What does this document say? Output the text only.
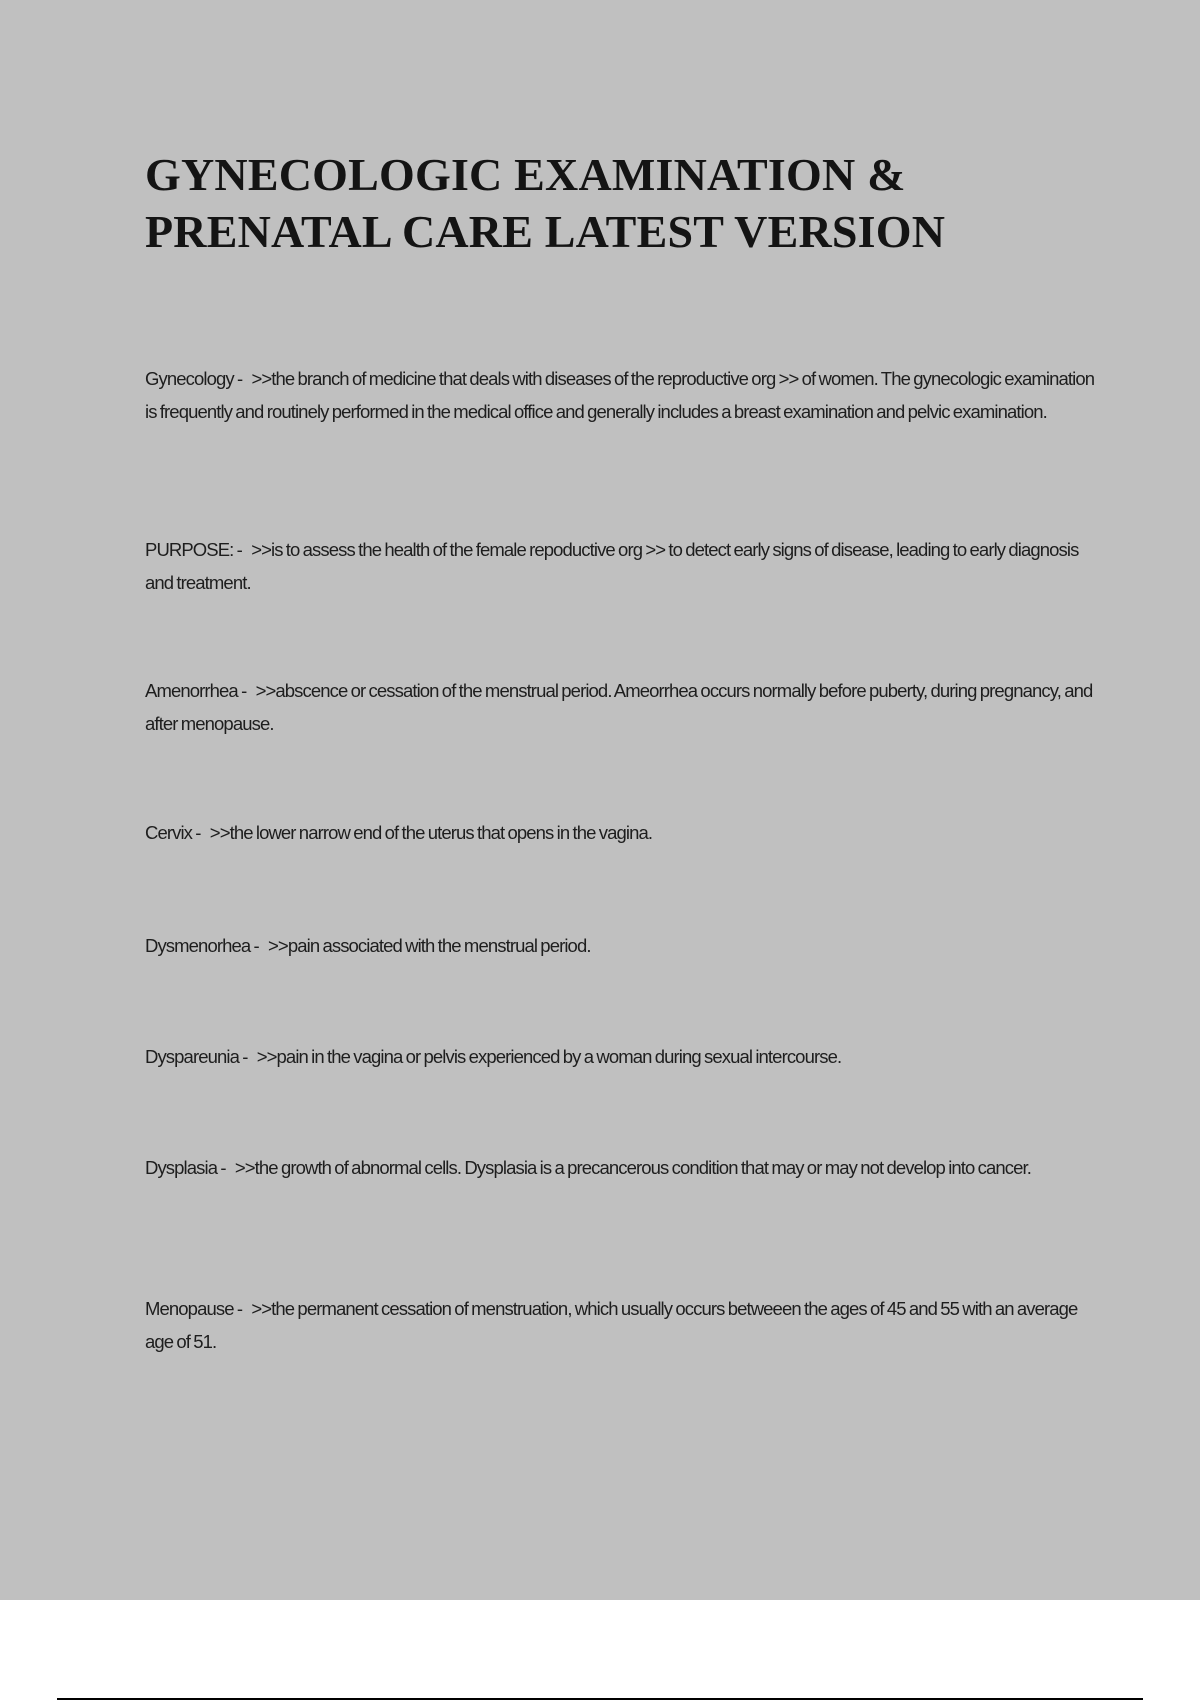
GYNECOLOGIC EXAMINATION & PRENATAL CARE LATEST VERSION

Gynecology - >>the branch of medicine that deals with diseases of the reproductive org >> of women. The gynecologic examination is frequently and routinely performed in the medical office and generally includes a breast examination and pelvic examination.

PURPOSE: - >>is to assess the health of the female repoductive org >> to detect early signs of disease, leading to early diagnosis and treatment.

Amenorrhea - >>abscence or cessation of the menstrual period. Ameorrhea occurs normally before puberty, during pregnancy, and after menopause.

Cervix - >>the lower narrow end of the uterus that opens in the vagina.

Dysmenorhea - >>pain associated with the menstrual period.

Dyspareunia - >>pain in the vagina or pelvis experienced by a woman during sexual intercourse.

Dysplasia - >>the growth of abnormal cells. Dysplasia is a precancerous condition that may or may not develop into cancer.

Menopause - >>the permanent cessation of menstruation, which usually occurs betweeen the ages of 45 and 55 with an average age of 51.
